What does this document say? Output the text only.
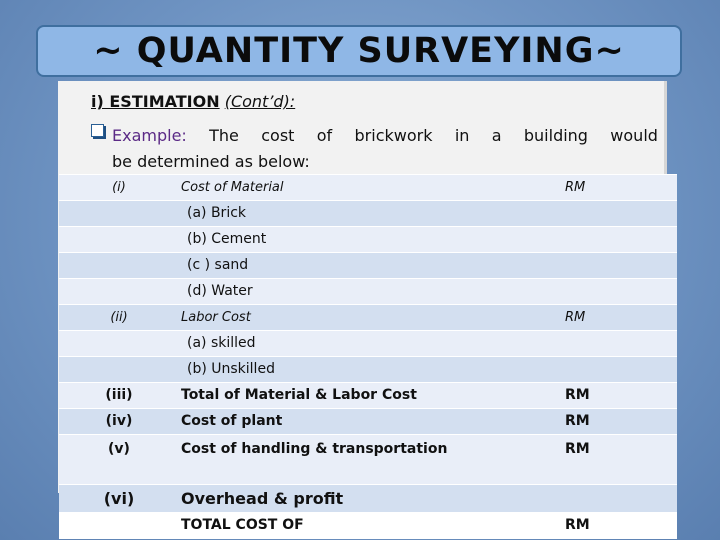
~ QUANTITY SURVEYING~
i) ESTIMATION (Cont’d):
Example: The cost of brickwork in a building would
be determined as below:
(i)	Cost of Material	RM
	(a) Brick	
	(b) Cement	
	(c ) sand	
	(d) Water	
(ii)	Labor Cost	RM
	(a) skilled	
	(b) Unskilled	
(iii)	Total of Material & Labor Cost	RM
(iv)	Cost of plant	RM
(v)	Cost of handling & transportation	RM
(vi)	Overhead & profit	
	TOTAL COST OF	RM
